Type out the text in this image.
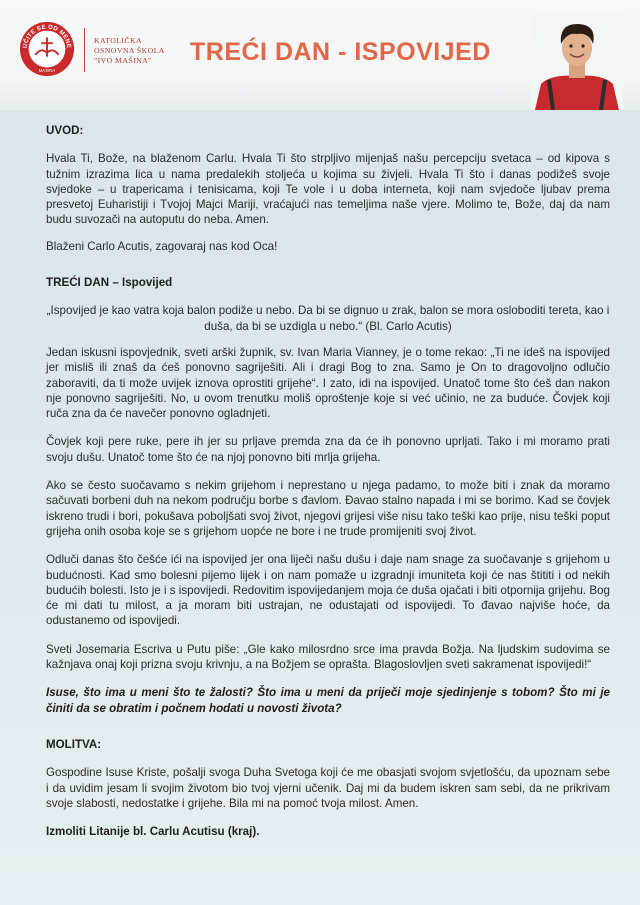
UČITE SE OD MENE
MAŠINA
KATOLIČKA
OSNOVNA ŠKOLA
"IVO MAŠINA"	TREĆI DAN - ISPOVIJED

UVOD:

Hvala Ti, Bože, na blaženom Carlu. Hvala Ti što strpljivo mijenjaš našu percepciju svetaca – od kipova s tužnim izrazima lica u nama predalekih stoljeća u kojima su živjeli. Hvala Ti što i danas podižeš svoje svjedoke – u trapericama i tenisicama, koji Te vole i u doba interneta, koji nam svjedoče ljubav prema presvetoj Euharistiji i Tvojoj Majci Mariji, vraćajući nas temeljima naše vjere. Molimo te, Bože, daj da nam budu suvozači na autoputu do neba. Amen.

Blaženi Carlo Acutis, zagovaraj nas kod Oca!

TREĆI DAN – Ispovijed

„Ispovijed je kao vatra koja balon podiže u nebo. Da bi se dignuo u zrak, balon se mora osloboditi tereta, kao i duša, da bi se uzdigla u nebo.“ (Bl. Carlo Acutis)

Jedan iskusni ispovjednik, sveti arški župnik, sv. Ivan Maria Vianney, je o tome rekao: „Ti ne ideš na ispovijed jer misliš ili znaš da ćeš ponovno sagriješiti. Ali i dragi Bog to zna. Samo je On to dragovoljno odlučio zaboraviti, da ti može uvijek iznova oprostiti grijehe“. I zato, idi na ispovijed. Unatoč tome što ćeš dan nakon nje ponovno sagriješiti. No, u ovom trenutku moliš oproštenje koje si već učinio, ne za buduće. Čovjek koji ruča zna da će navečer ponovno ogladnjeti.

Čovjek koji pere ruke, pere ih jer su prljave premda zna da će ih ponovno uprljati. Tako i mi moramo prati svoju dušu. Unatoč tome što će na njoj ponovno biti mrlja grijeha.

Ako se često suočavamo s nekim grijehom i neprestano u njega padamo, to može biti i znak da moramo sačuvati borbeni duh na nekom području borbe s đavlom. Đavao stalno napada i mi se borimo. Kad se čovjek iskreno trudi i bori, pokušava poboljšati svoj život, njegovi grijesi više nisu tako teški kao prije, nisu teški poput grijeha onih osoba koje se s grijehom uopće ne bore i ne trude promijeniti svoj život.

Odluči danas što češće ići na ispovijed jer ona liječi našu dušu i daje nam snage za suočavanje s grijehom u budućnosti. Kad smo bolesni pijemo lijek i on nam pomaže u izgradnji imuniteta koji će nas štititi i od nekih budućih bolesti. Isto je i s ispovijedi. Redovitim ispovijedanjem moja će duša ojačati i biti otpornija grijehu. Bog će mi dati tu milost, a ja moram biti ustrajan, ne odustajati od ispovijedi. To đavao najviše hoće, da odustanemo od ispovijedi.

Sveti Josemaria Escriva u Putu piše: „Gle kako milosrdno srce ima pravda Božja. Na ljudskim sudovima se kažnjava onaj koji prizna svoju krivnju, a na Božjem se oprašta. Blagoslovljen sveti sakramenat ispovijedi!“

Isuse, što ima u meni što te žalosti? Što ima u meni da priječi moje sjedinjenje s tobom? Što mi je činiti da se obratim i počnem hodati u novosti života?

MOLITVA:

Gospodine Isuse Kriste, pošalji svoga Duha Svetoga koji će me obasjati svojom svjetlošću, da upoznam sebe i da uvidim jesam li svojim životom bio tvoj vjerni učenik. Daj mi da budem iskren sam sebi, da ne prikrivam svoje slabosti, nedostatke i grijehe. Bila mi na pomoć tvoja milost. Amen.

Izmoliti Litanije bl. Carlu Acutisu (kraj).
